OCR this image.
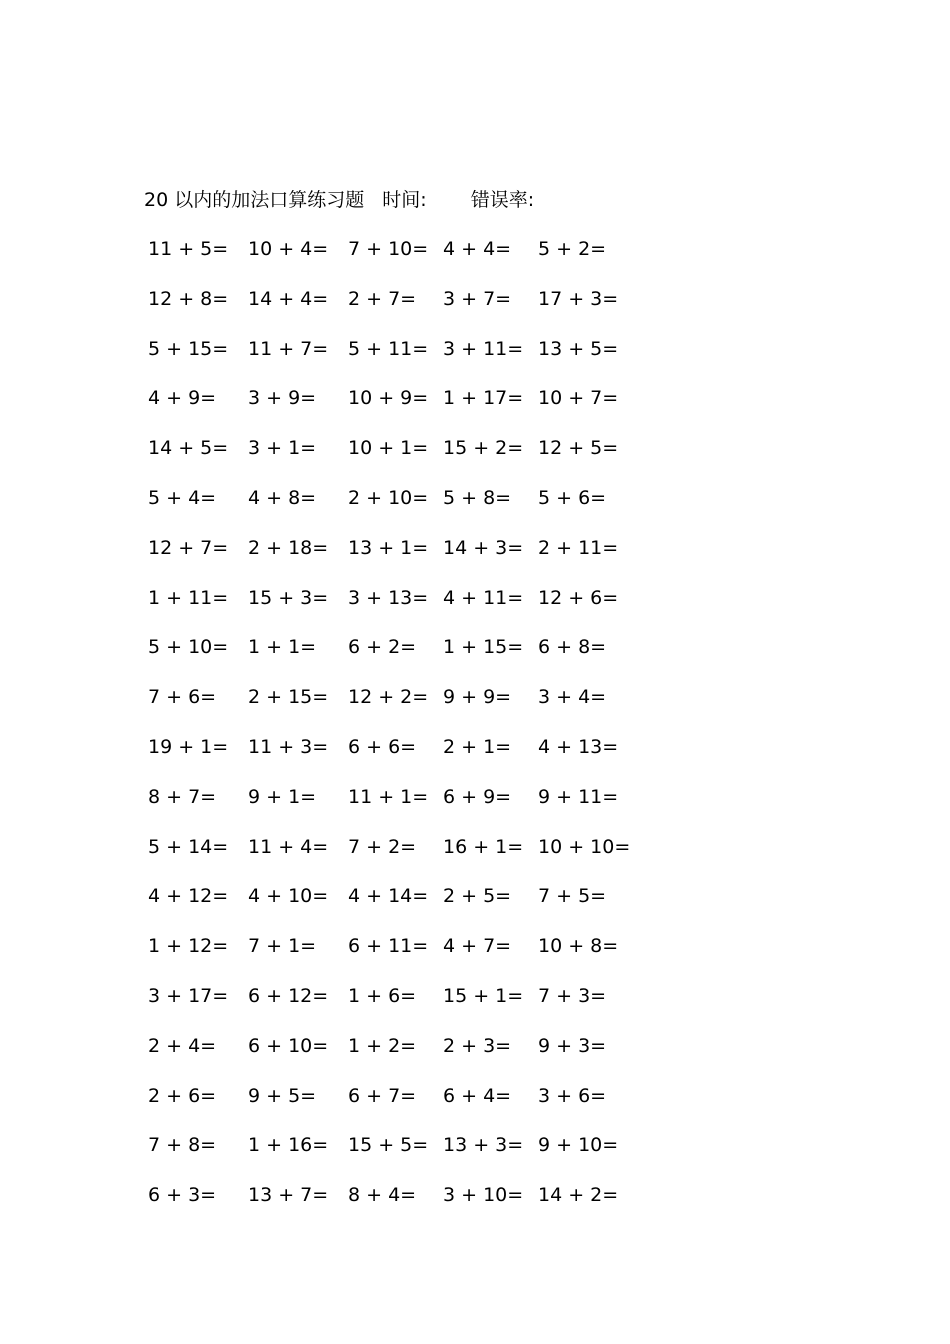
20 以内的加法口算练习题 时间: 错误率:
11 + 5= 10 + 4= 7 + 10= 4 + 4= 5 + 2=
12 + 8= 14 + 4= 2 + 7= 3 + 7= 17 + 3=
5 + 15= 11 + 7= 5 + 11= 3 + 11= 13 + 5=
4 + 9= 3 + 9= 10 + 9= 1 + 17= 10 + 7=
14 + 5= 3 + 1= 10 + 1= 15 + 2= 12 + 5=
5 + 4= 4 + 8= 2 + 10= 5 + 8= 5 + 6=
12 + 7= 2 + 18= 13 + 1= 14 + 3= 2 + 11=
1 + 11= 15 + 3= 3 + 13= 4 + 11= 12 + 6=
5 + 10= 1 + 1= 6 + 2= 1 + 15= 6 + 8=
7 + 6= 2 + 15= 12 + 2= 9 + 9= 3 + 4=
19 + 1= 11 + 3= 6 + 6= 2 + 1= 4 + 13=
8 + 7= 9 + 1= 11 + 1= 6 + 9= 9 + 11=
5 + 14= 11 + 4= 7 + 2= 16 + 1= 10 + 10=
4 + 12= 4 + 10= 4 + 14= 2 + 5= 7 + 5=
1 + 12= 7 + 1= 6 + 11= 4 + 7= 10 + 8=
3 + 17= 6 + 12= 1 + 6= 15 + 1= 7 + 3=
2 + 4= 6 + 10= 1 + 2= 2 + 3= 9 + 3=
2 + 6= 9 + 5= 6 + 7= 6 + 4= 3 + 6=
7 + 8= 1 + 16= 15 + 5= 13 + 3= 9 + 10=
6 + 3= 13 + 7= 8 + 4= 3 + 10= 14 + 2=
